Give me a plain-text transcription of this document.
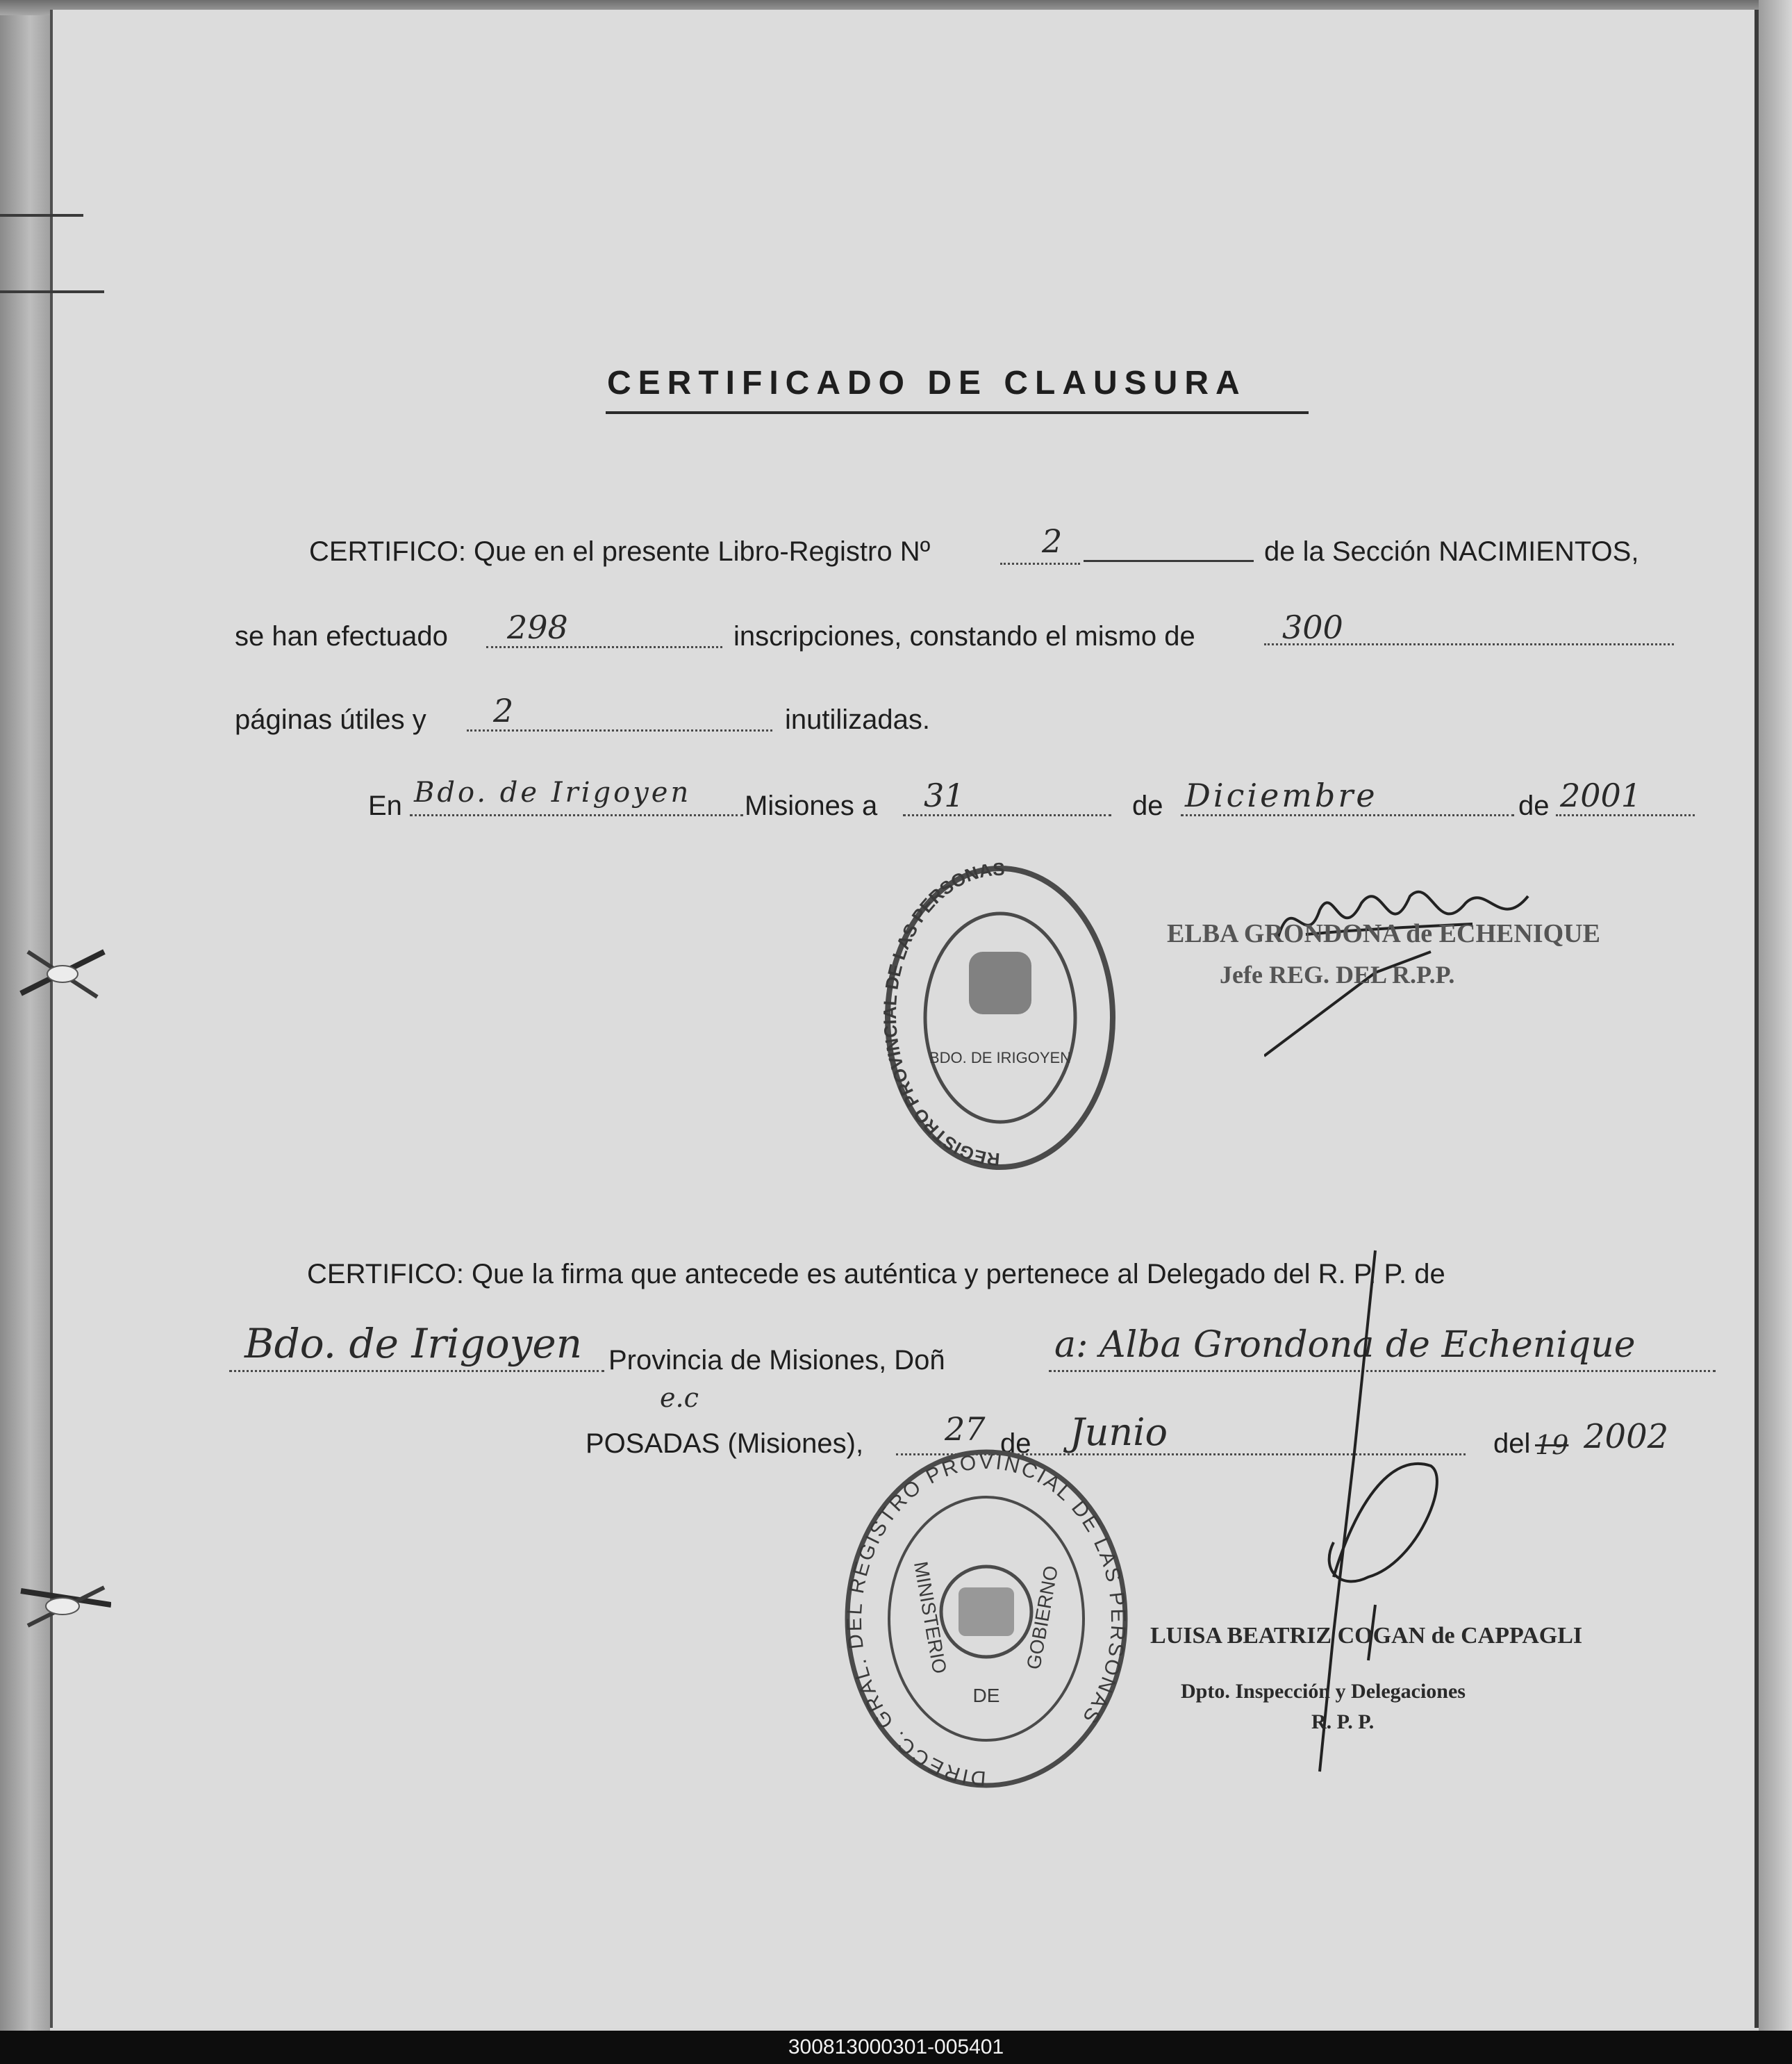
CERTIFICADO DE CLAUSURA
CERTIFICO: Que en el presente Libro-Registro Nº	2	de la Sección NACIMIENTOS,
se han efectuado 298	inscripciones, constando el mismo de	300
páginas útiles y 2	inutilizadas.
En Bdo. de Irigoyen Misiones a 31	de Diciembre	de 2001
REGISTRO PROVINCIAL DE LAS PERSONAS
BDO. DE IRIGOYEN
ELBA GRONDONA de ECHENIQUE
Jefe REG. DEL R.P.P.
CERTIFICO: Que la firma que antecede es auténtica y pertenece al Delegado del R. P. P. de
Bdo. de Irigoyen Provincia de Misiones, Doñ	a: Alba Grondona de Echenique
e.c
POSADAS (Misiones),	27 de Junio	del 19 2002
DIRECC. GRAL. DEL REGISTRO PROVINCIAL DE LAS PERSONAS
MINISTERIO	GOBIERNO
DE
LUISA BEATRIZ COGAN de CAPPAGLI
Dpto. Inspección y Delegaciones
R. P. P.
300813000301-005401
